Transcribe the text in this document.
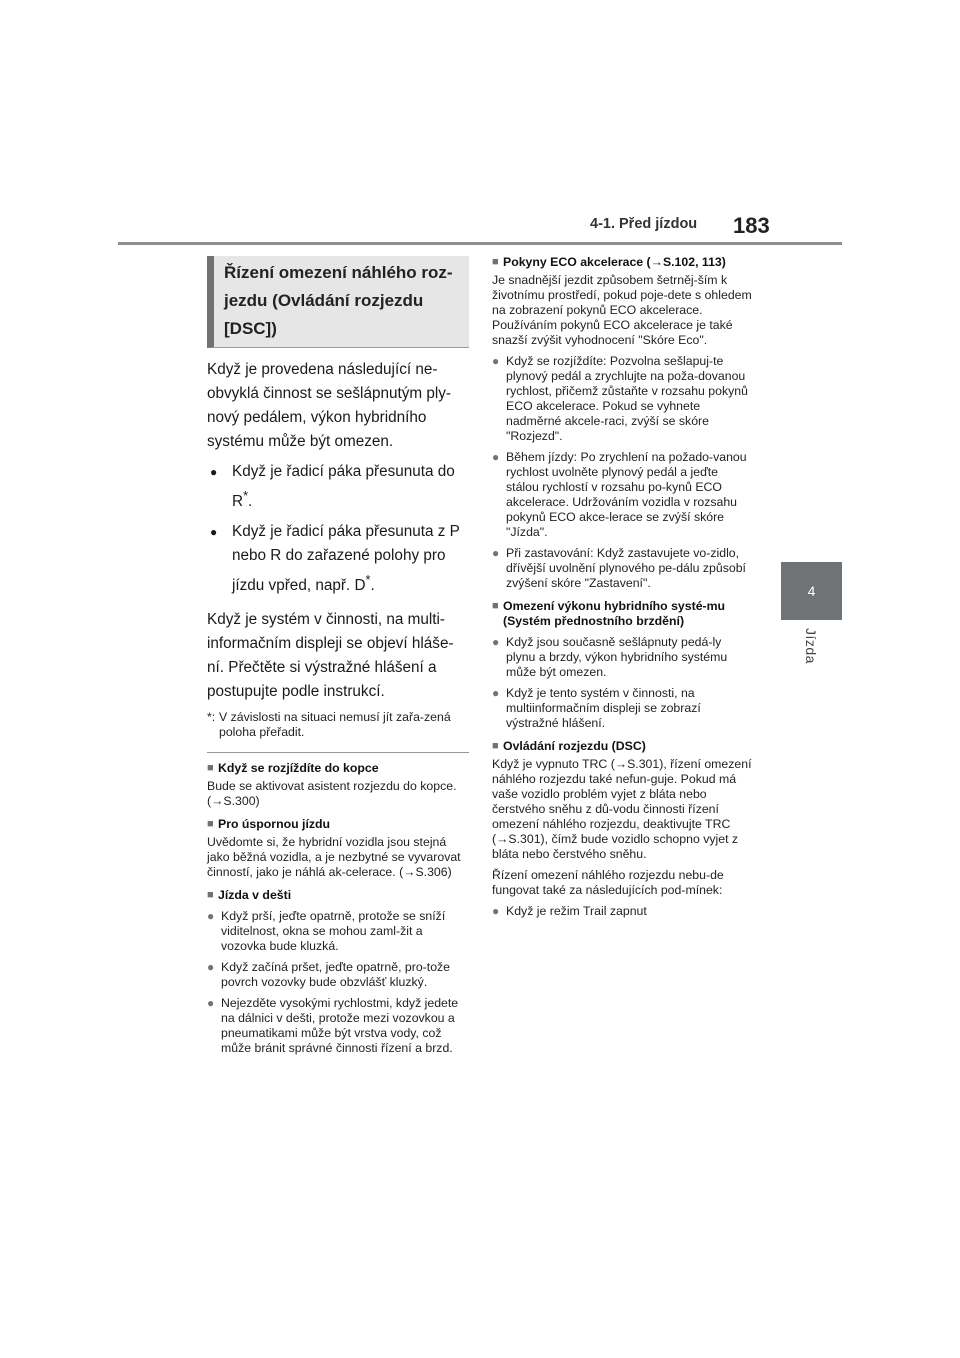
4-1. Před jízdou 183
4
Jízda
Řízení omezení náhlého roz-jezdu (Ovládání rozjezdu [DSC])

Když je provedena následující ne-obvyklá činnost se sešlápnutým ply-nový pedálem, výkon hybridního systému může být omezen.

● Když je řadicí páka přesunuta do R*.
● Když je řadicí páka přesunuta z P nebo R do zařazené polohy pro jízdu vpřed, např. D*.

Když je systém v činnosti, na multi-informačním displeji se objeví hláše-ní. Přečtěte si výstražné hlášení a postupujte podle instrukcí.

*: V závislosti na situaci nemusí jít zařa-zená poloha přeřadit.
■ Když se rozjíždíte do kopce
Bude se aktivovat asistent rozjezdu do kopce. (→S.300)
■ Pro úspornou jízdu
Uvědomte si, že hybridní vozidla jsou stejná jako běžná vozidla, a je nezbytné se vyvarovat činností, jako je náhlá ak-celerace. (→S.306)
■ Jízda v dešti
● Když prší, jeďte opatrně, protože se sníží viditelnost, okna se mohou zaml-žit a vozovka bude kluzká.
● Když začíná pršet, jeďte opatrně, pro-tože povrch vozovky bude obzvlášť kluzký.
● Nejezděte vysokými rychlostmi, když jedete na dálnici v dešti, protože mezi vozovkou a pneumatikami může být vrstva vody, což může bránit správné činnosti řízení a brzd.
■ Pokyny ECO akcelerace (→S.102, 113)
Je snadnější jezdit způsobem šetrněj-ším k životnímu prostředí, pokud poje-dete s ohledem na zobrazení pokynů ECO akcelerace. Používáním pokynů ECO akcelerace je také snazší zvýšit vyhodnocení "Skóre Eco".
● Když se rozjíždíte: Pozvolna sešlapuj-te plynový pedál a zrychlujte na poža-dovanou rychlost, přičemž zůstaňte v rozsahu pokynů ECO akcelerace. Pokud se vyhnete nadměrné akcele-raci, zvýší se skóre "Rozjezd".
● Během jízdy: Po zrychlení na požado-vanou rychlost uvolněte plynový pedál a jeďte stálou rychlostí v rozsahu po-kynů ECO akcelerace. Udržováním vozidla v rozsahu pokynů ECO akce-lerace se zvýší skóre "Jízda".
● Při zastavování: Když zastavujete vo-zidlo, dřívější uvolnění plynového pe-dálu způsobí zvýšení skóre "Zastavení".
■ Omezení výkonu hybridního systé-mu (Systém přednostního brzdění)
● Když jsou současně sešlápnuty pedá-ly plynu a brzdy, výkon hybridního systému může být omezen.
● Když je tento systém v činnosti, na multiinformačním displeji se zobrazí výstražné hlášení.
■ Ovládání rozjezdu (DSC)
Když je vypnuto TRC (→S.301), řízení omezení náhlého rozjezdu také nefun-guje. Pokud má vaše vozidlo problém vyjet z bláta nebo čerstvého sněhu z dů-vodu činnosti řízení omezení náhlého rozjezdu, deaktivujte TRC (→S.301), čímž bude vozidlo schopno vyjet z bláta nebo čerstvého sněhu.
Řízení omezení náhlého rozjezdu nebu-de fungovat také za následujících pod-mínek:
● Když je režim Trail zapnut
